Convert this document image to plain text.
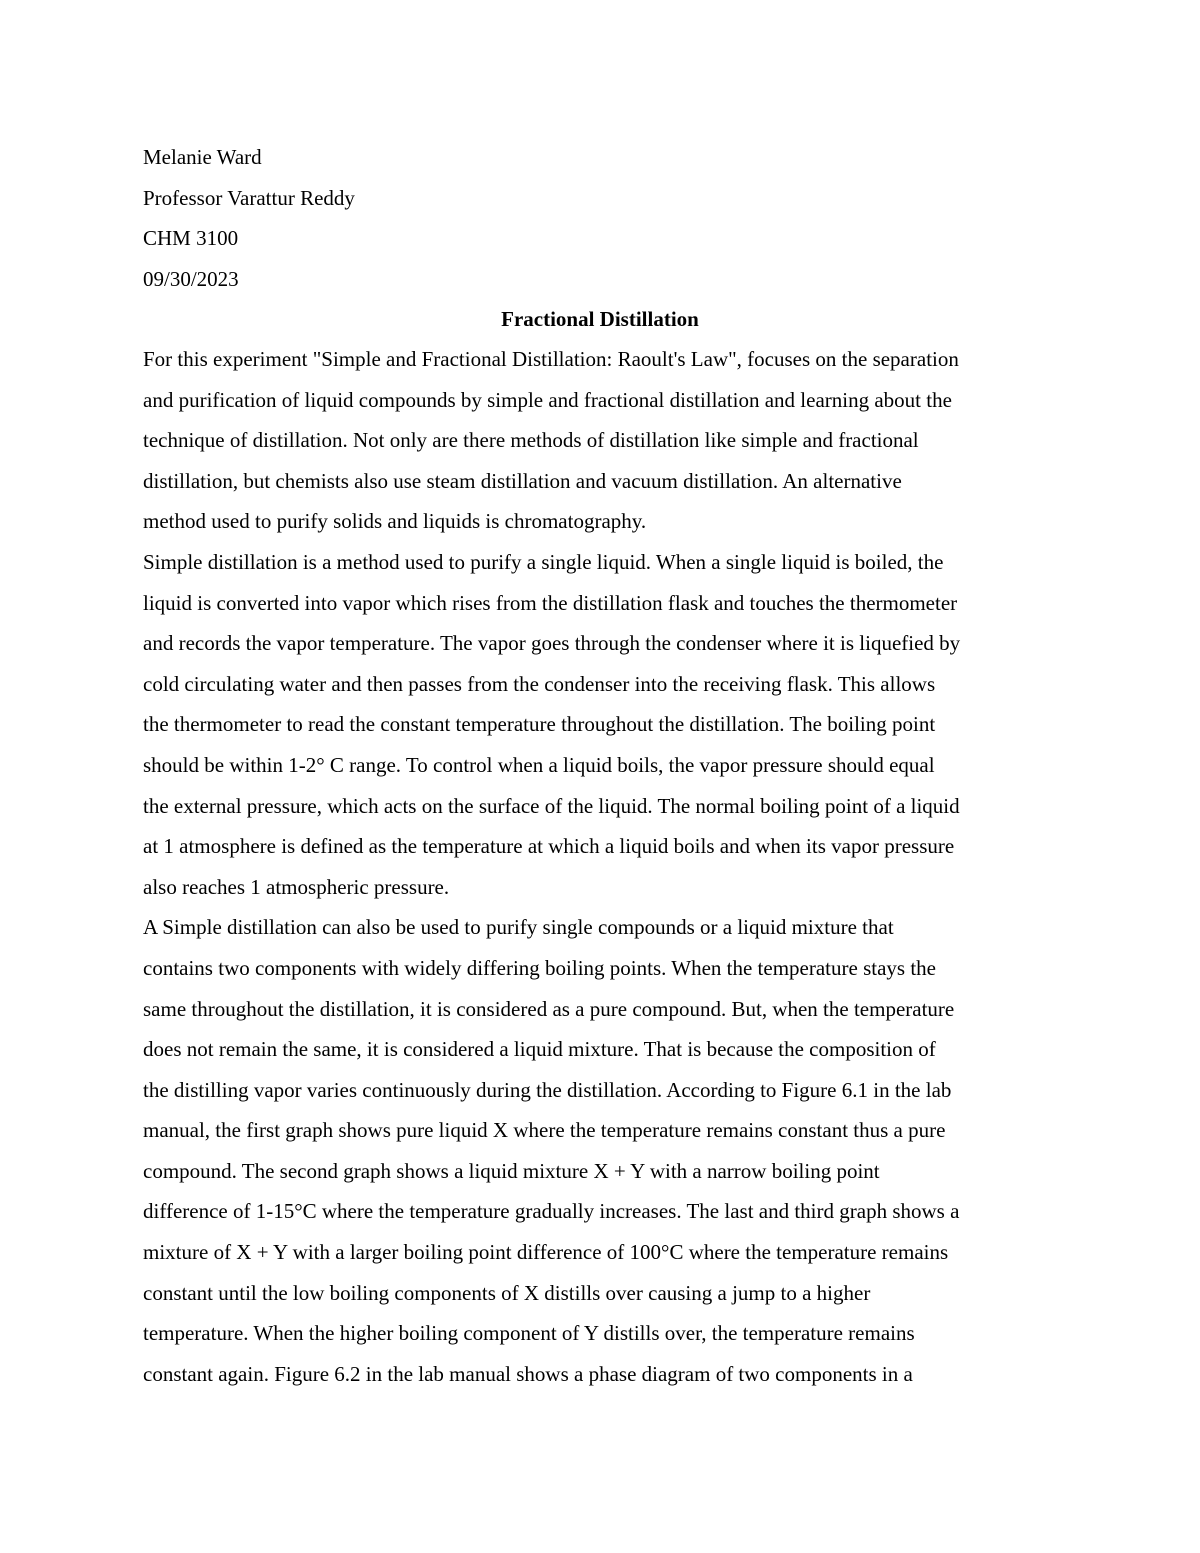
Melanie Ward
Professor Varattur Reddy
CHM 3100
09/30/2023
Fractional Distillation
For this experiment "Simple and Fractional Distillation: Raoult's Law", focuses on the separation
and purification of liquid compounds by simple and fractional distillation and learning about the
technique of distillation. Not only are there methods of distillation like simple and fractional
distillation, but chemists also use steam distillation and vacuum distillation. An alternative
method used to purify solids and liquids is chromatography.
Simple distillation is a method used to purify a single liquid. When a single liquid is boiled, the
liquid is converted into vapor which rises from the distillation flask and touches the thermometer
and records the vapor temperature. The vapor goes through the condenser where it is liquefied by
cold circulating water and then passes from the condenser into the receiving flask. This allows
the thermometer to read the constant temperature throughout the distillation. The boiling point
should be within 1-2° C range. To control when a liquid boils, the vapor pressure should equal
the external pressure, which acts on the surface of the liquid. The normal boiling point of a liquid
at 1 atmosphere is defined as the temperature at which a liquid boils and when its vapor pressure
also reaches 1 atmospheric pressure.
A Simple distillation can also be used to purify single compounds or a liquid mixture that
contains two components with widely differing boiling points. When the temperature stays the
same throughout the distillation, it is considered as a pure compound. But, when the temperature
does not remain the same, it is considered a liquid mixture. That is because the composition of
the distilling vapor varies continuously during the distillation. According to Figure 6.1 in the lab
manual, the first graph shows pure liquid X where the temperature remains constant thus a pure
compound. The second graph shows a liquid mixture X + Y with a narrow boiling point
difference of 1-15°C where the temperature gradually increases. The last and third graph shows a
mixture of X + Y with a larger boiling point difference of 100°C where the temperature remains
constant until the low boiling components of X distills over causing a jump to a higher
temperature. When the higher boiling component of Y distills over, the temperature remains
constant again. Figure 6.2 in the lab manual shows a phase diagram of two components in a
